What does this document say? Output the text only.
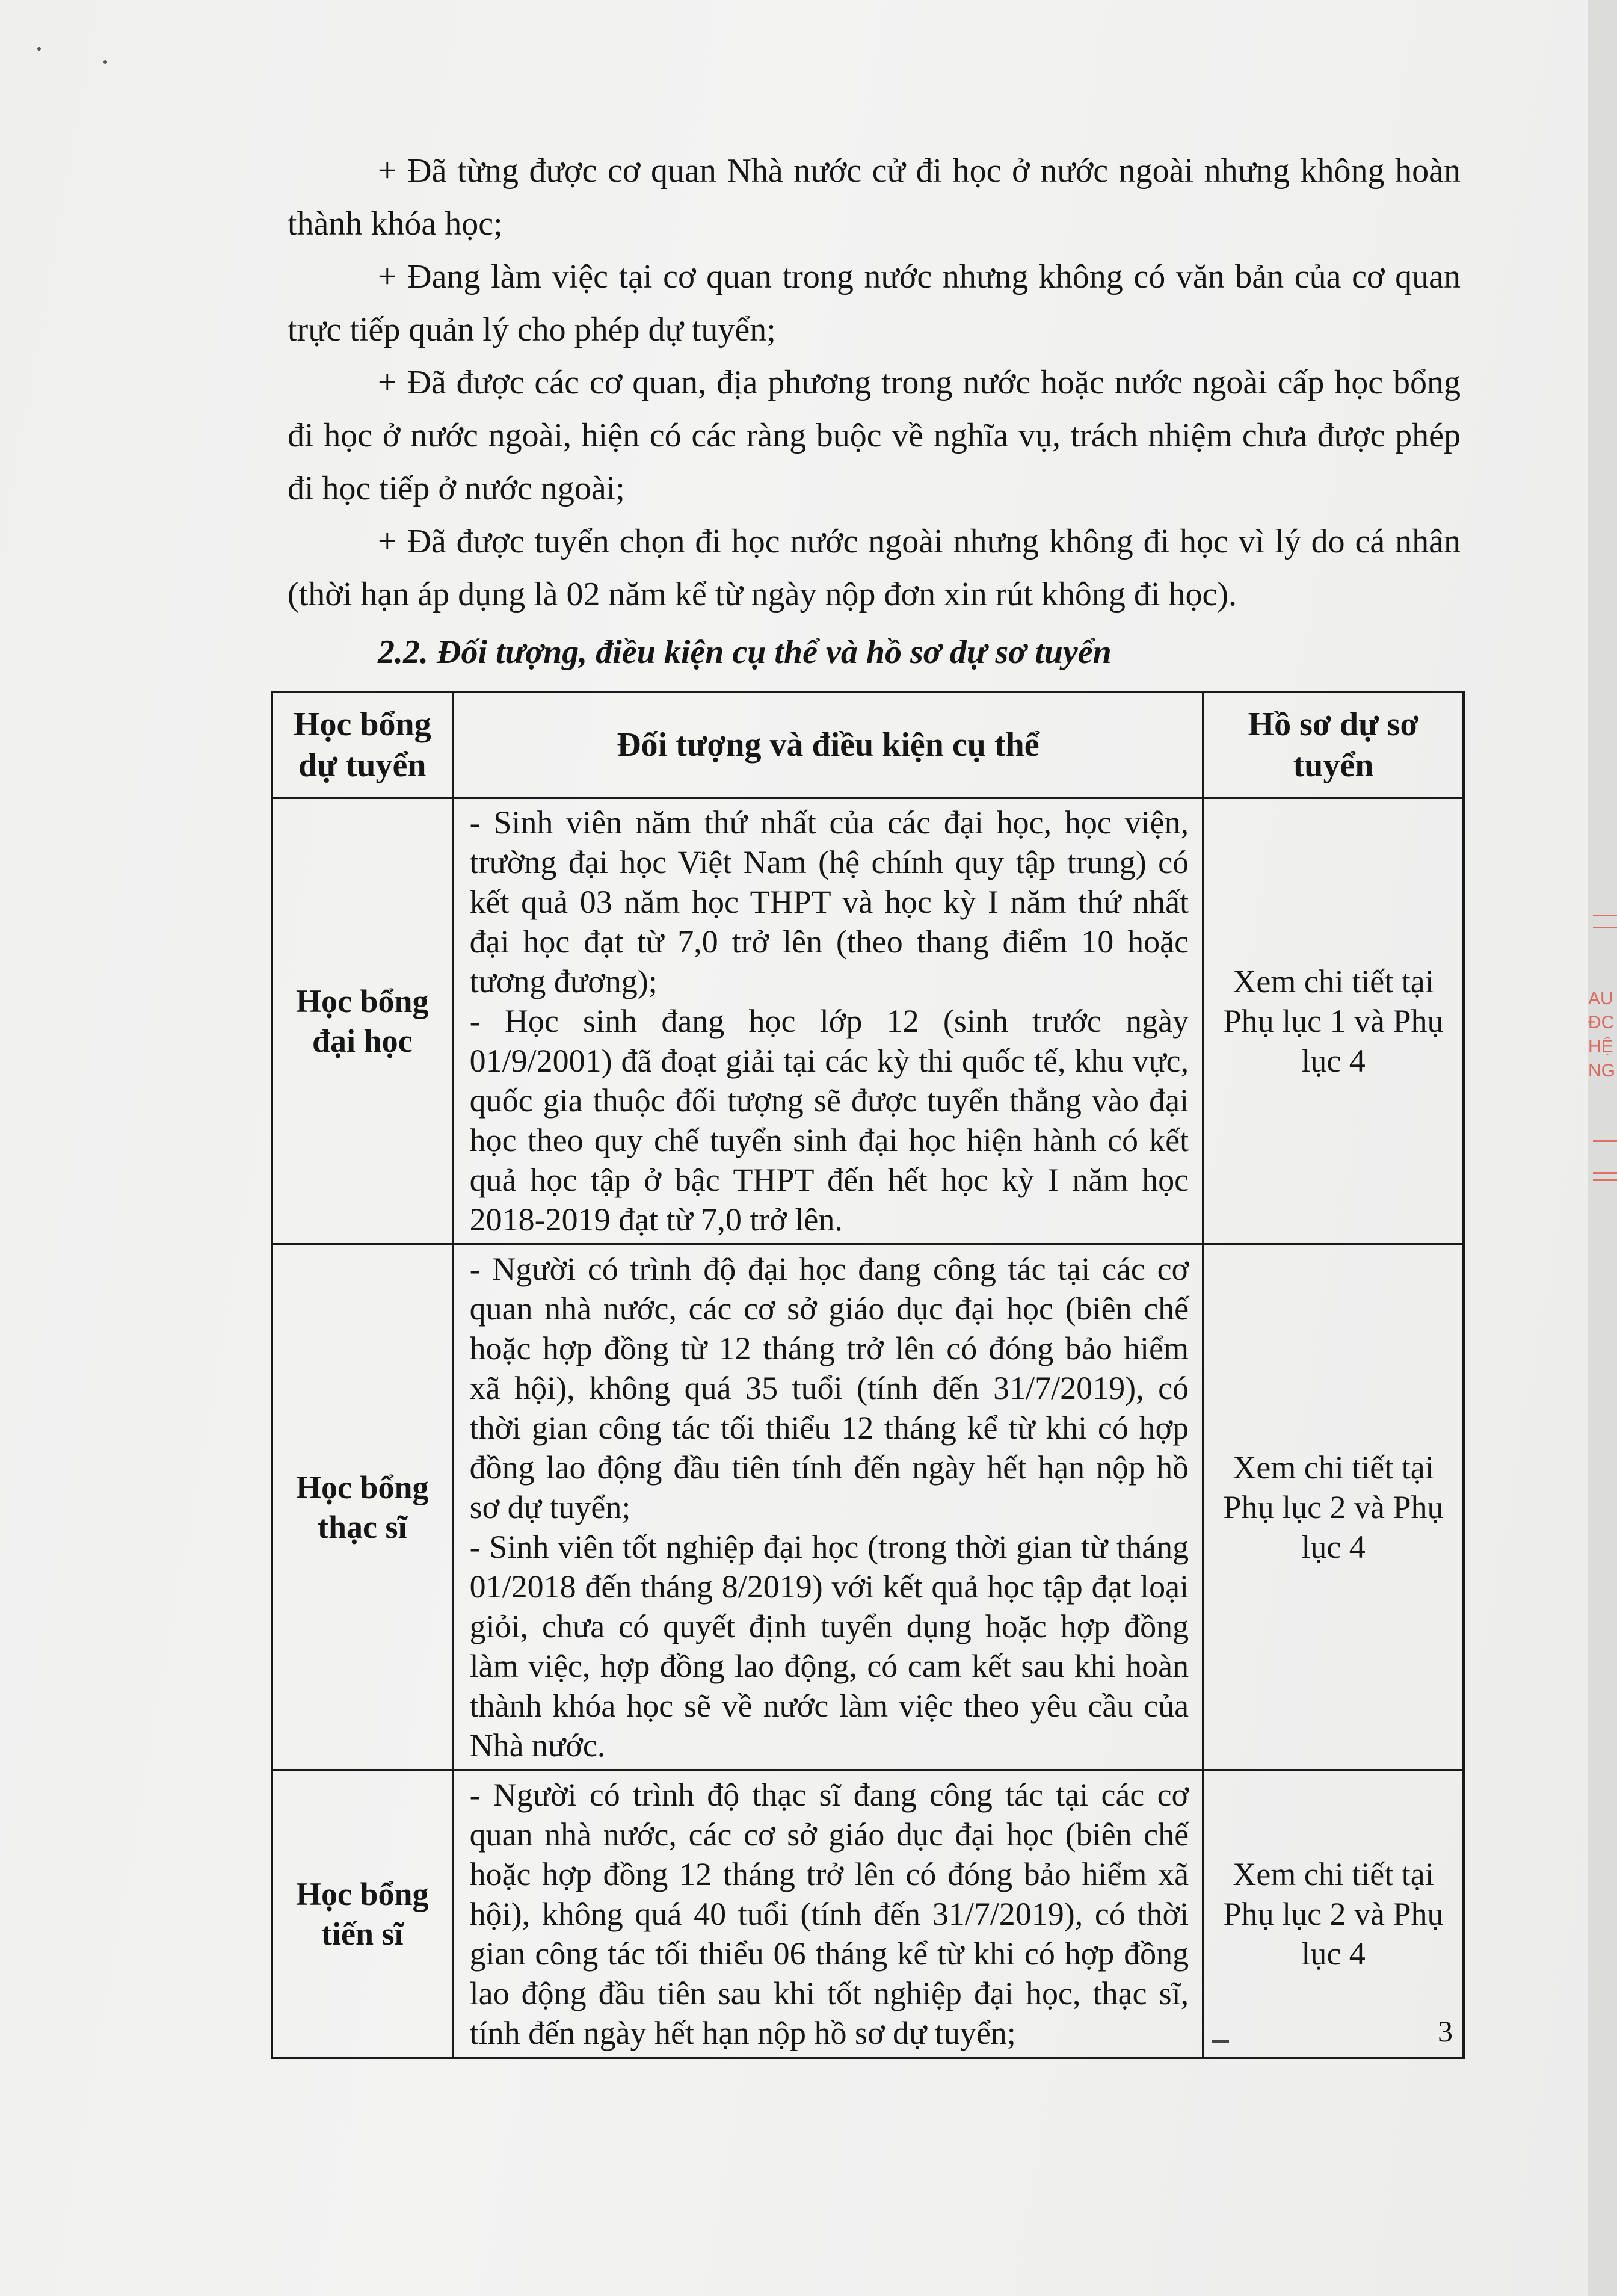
AU
ĐC
HỆ
NG

+ Đã từng được cơ quan Nhà nước cử đi học ở nước ngoài nhưng không hoàn thành khóa học;

+ Đang làm việc tại cơ quan trong nước nhưng không có văn bản của cơ quan trực tiếp quản lý cho phép dự tuyển;

+ Đã được các cơ quan, địa phương trong nước hoặc nước ngoài cấp học bổng đi học ở nước ngoài, hiện có các ràng buộc về nghĩa vụ, trách nhiệm chưa được phép đi học tiếp ở nước ngoài;

+ Đã được tuyển chọn đi học nước ngoài nhưng không đi học vì lý do cá nhân (thời hạn áp dụng là 02 năm kể từ ngày nộp đơn xin rút không đi học).

2.2. Đối tượng, điều kiện cụ thể và hồ sơ dự sơ tuyển

Học bổng dự tuyển	Đối tượng và điều kiện cụ thể	Hồ sơ dự sơ tuyển
Học bổng đại học	- Sinh viên năm thứ nhất của các đại học, học viện, trường đại học Việt Nam (hệ chính quy tập trung) có kết quả 03 năm học THPT và học kỳ I năm thứ nhất đại học đạt từ 7,0 trở lên (theo thang điểm 10 hoặc tương đương);

- Học sinh đang học lớp 12 (sinh trước ngày 01/9/2001) đã đoạt giải tại các kỳ thi quốc tế, khu vực, quốc gia thuộc đối tượng sẽ được tuyển thẳng vào đại học theo quy chế tuyển sinh đại học hiện hành có kết quả học tập ở bậc THPT đến hết học kỳ I năm học 2018-2019 đạt từ 7,0 trở lên.	Xem chi tiết tại Phụ lục 1 và Phụ lục 4

Học bổng thạc sĩ	- Người có trình độ đại học đang công tác tại các cơ quan nhà nước, các cơ sở giáo dục đại học (biên chế hoặc hợp đồng từ 12 tháng trở lên có đóng bảo hiểm xã hội), không quá 35 tuổi (tính đến 31/7/2019), có thời gian công tác tối thiểu 12 tháng kể từ khi có hợp đồng lao động đầu tiên tính đến ngày hết hạn nộp hồ sơ dự tuyển;

- Sinh viên tốt nghiệp đại học (trong thời gian từ tháng 01/2018 đến tháng 8/2019) với kết quả học tập đạt loại giỏi, chưa có quyết định tuyển dụng hoặc hợp đồng làm việc, hợp đồng lao động, có cam kết sau khi hoàn thành khóa học sẽ về nước làm việc theo yêu cầu của Nhà nước.	Xem chi tiết tại Phụ lục 2 và Phụ lục 4

Học bổng tiến sĩ	- Người có trình độ thạc sĩ đang công tác tại các cơ quan nhà nước, các cơ sở giáo dục đại học (biên chế hoặc hợp đồng 12 tháng trở lên có đóng bảo hiểm xã hội), không quá 40 tuổi (tính đến 31/7/2019), có thời gian công tác tối thiểu 06 tháng kể từ khi có hợp đồng lao động đầu tiên sau khi tốt nghiệp đại học, thạc sĩ, tính đến ngày hết hạn nộp hồ sơ dự tuyển;	Xem chi tiết tại Phụ lục 2 và Phụ lục 4
3
